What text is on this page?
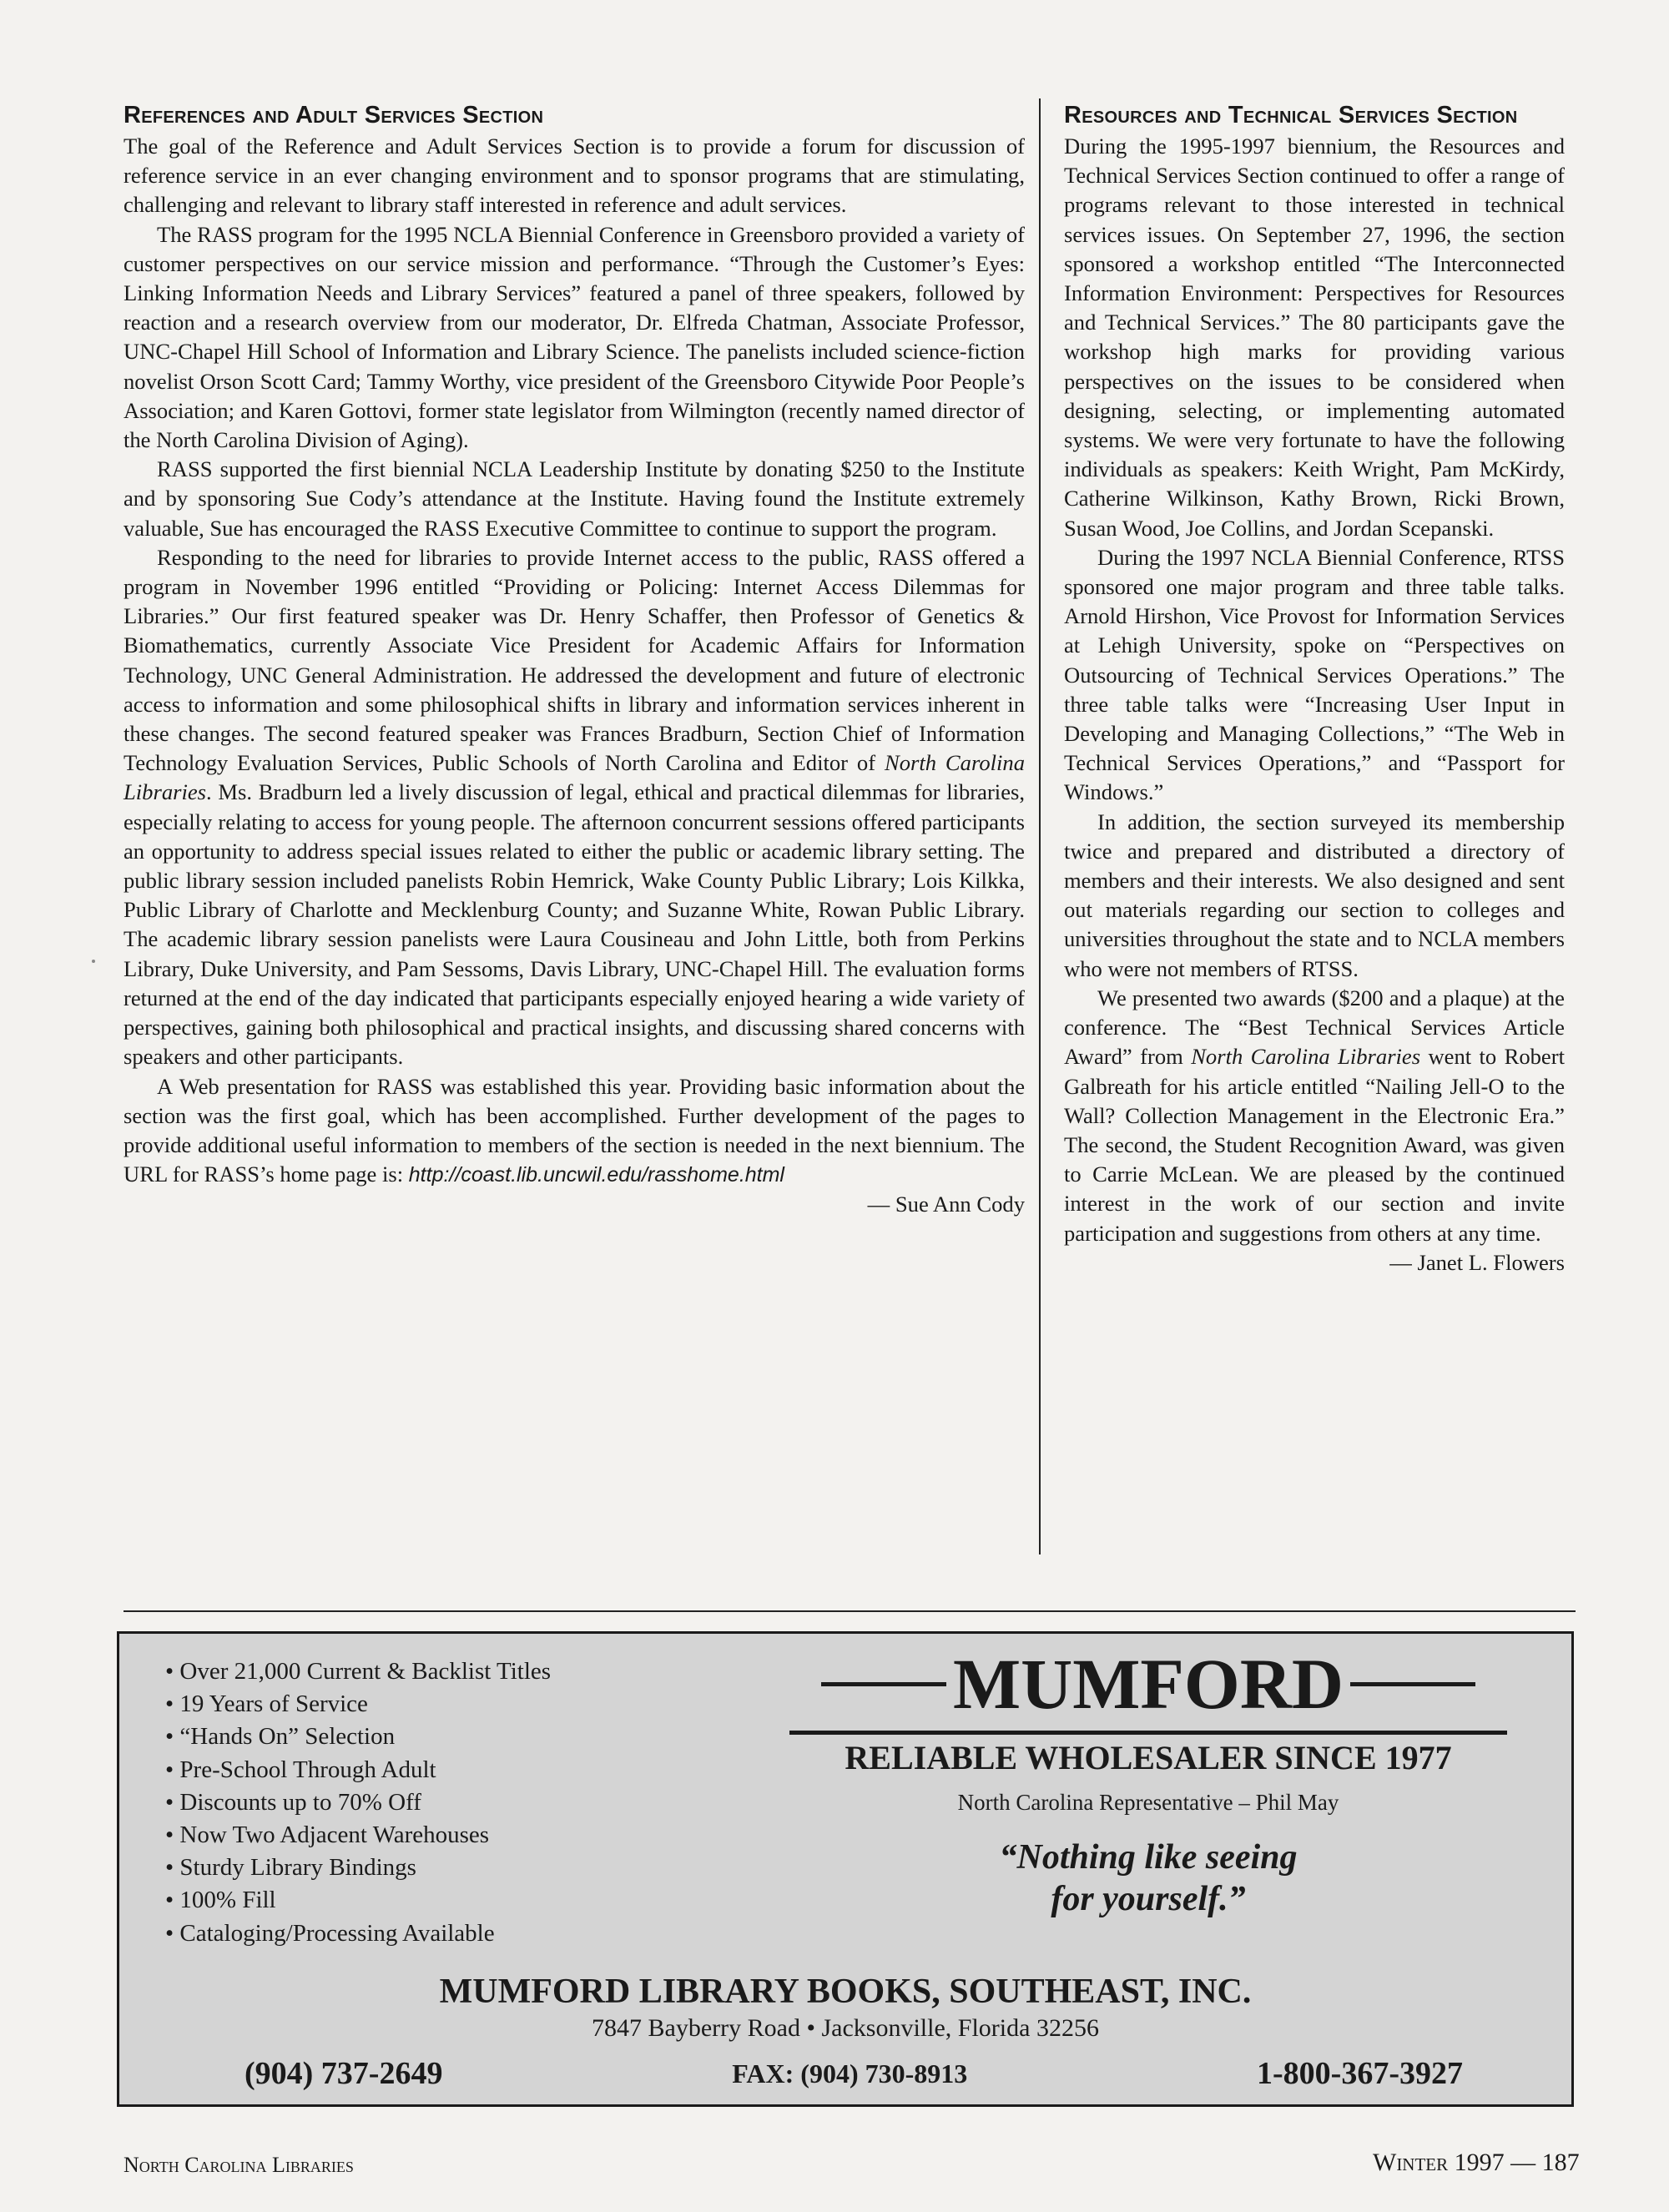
References and Adult Services Section

The goal of the Reference and Adult Services Section is to provide a forum for discussion of reference service in an ever changing environment and to sponsor programs that are stimulating, challenging and relevant to library staff interested in reference and adult services.

The RASS program for the 1995 NCLA Biennial Conference in Greensboro provided a variety of customer perspectives on our service mission and performance. “Through the Customer’s Eyes: Linking Information Needs and Library Services” featured a panel of three speakers, followed by reaction and a research overview from our moderator, Dr. Elfreda Chatman, Associate Professor, UNC-Chapel Hill School of Information and Library Science. The panelists included science-fiction novelist Orson Scott Card; Tammy Worthy, vice president of the Greensboro Citywide Poor People’s Association; and Karen Gottovi, former state legislator from Wilmington (recently named director of the North Carolina Division of Aging).

RASS supported the first biennial NCLA Leadership Institute by donating $250 to the Institute and by sponsoring Sue Cody’s attendance at the Institute. Having found the Institute extremely valuable, Sue has encouraged the RASS Executive Committee to continue to support the program.

Responding to the need for libraries to provide Internet access to the public, RASS offered a program in November 1996 entitled “Providing or Policing: Internet Access Dilemmas for Libraries.” Our first featured speaker was Dr. Henry Schaffer, then Professor of Genetics & Biomathematics, currently Associate Vice President for Academic Affairs for Information Technology, UNC General Administration. He addressed the development and future of electronic access to information and some philosophical shifts in library and information services inherent in these changes. The second featured speaker was Frances Bradburn, Section Chief of Information Technology Evaluation Services, Public Schools of North Carolina and Editor of North Carolina Libraries. Ms. Bradburn led a lively discussion of legal, ethical and practical dilemmas for libraries, especially relating to access for young people. The afternoon concurrent sessions offered participants an opportunity to address special issues related to either the public or academic library setting. The public library session included panelists Robin Hemrick, Wake County Public Library; Lois Kilkka, Public Library of Charlotte and Mecklenburg County; and Suzanne White, Rowan Public Library. The academic library session panelists were Laura Cousineau and John Little, both from Perkins Library, Duke University, and Pam Sessoms, Davis Library, UNC-Chapel Hill. The evaluation forms returned at the end of the day indicated that participants especially enjoyed hearing a wide variety of perspectives, gaining both philosophical and practical insights, and discussing shared concerns with speakers and other participants.

A Web presentation for RASS was established this year. Providing basic information about the section was the first goal, which has been accomplished. Further development of the pages to provide additional useful information to members of the section is needed in the next biennium. The URL for RASS’s home page is: http://coast.lib.uncwil.edu/rasshome.html

— Sue Ann Cody

Resources and Technical Services Section

During the 1995-1997 biennium, the Resources and Technical Services Section continued to offer a range of programs relevant to those interested in technical services issues. On September 27, 1996, the section sponsored a workshop entitled “The Interconnected Information Environment: Perspectives for Resources and Technical Services.” The 80 participants gave the workshop high marks for providing various perspectives on the issues to be considered when designing, selecting, or implementing automated systems. We were very fortunate to have the following individuals as speakers: Keith Wright, Pam McKirdy, Catherine Wilkinson, Kathy Brown, Ricki Brown, Susan Wood, Joe Collins, and Jordan Scepanski.

During the 1997 NCLA Biennial Conference, RTSS sponsored one major program and three table talks. Arnold Hirshon, Vice Provost for Information Services at Lehigh University, spoke on “Perspectives on Outsourcing of Technical Services Operations.” The three table talks were “Increasing User Input in Developing and Managing Collections,” “The Web in Technical Services Operations,” and “Passport for Windows.”

In addition, the section surveyed its membership twice and prepared and distributed a directory of members and their interests. We also designed and sent out materials regarding our section to colleges and universities throughout the state and to NCLA members who were not members of RTSS.

We presented two awards ($200 and a plaque) at the conference. The “Best Technical Services Article Award” from North Carolina Libraries went to Robert Galbreath for his article entitled “Nailing Jell-O to the Wall? Collection Management in the Electronic Era.” The second, the Student Recognition Award, was given to Carrie McLean. We are pleased by the continued interest in the work of our section and invite participation and suggestions from others at any time.

— Janet L. Flowers

• Over 21,000 Current & Backlist Titles
• 19 Years of Service
• “Hands On” Selection
• Pre-School Through Adult
• Discounts up to 70% Off
• Now Two Adjacent Warehouses
• Sturdy Library Bindings
• 100% Fill
• Cataloging/Processing Available
MUMFORD
RELIABLE WHOLESALER SINCE 1977
North Carolina Representative – Phil May
“Nothing like seeing
for yourself.”
MUMFORD LIBRARY BOOKS, SOUTHEAST, INC.
7847 Bayberry Road • Jacksonville, Florida 32256
(904) 737-2649	FAX: (904) 730-8913	1-800-367-3927
North Carolina Libraries	Winter 1997 — 187
